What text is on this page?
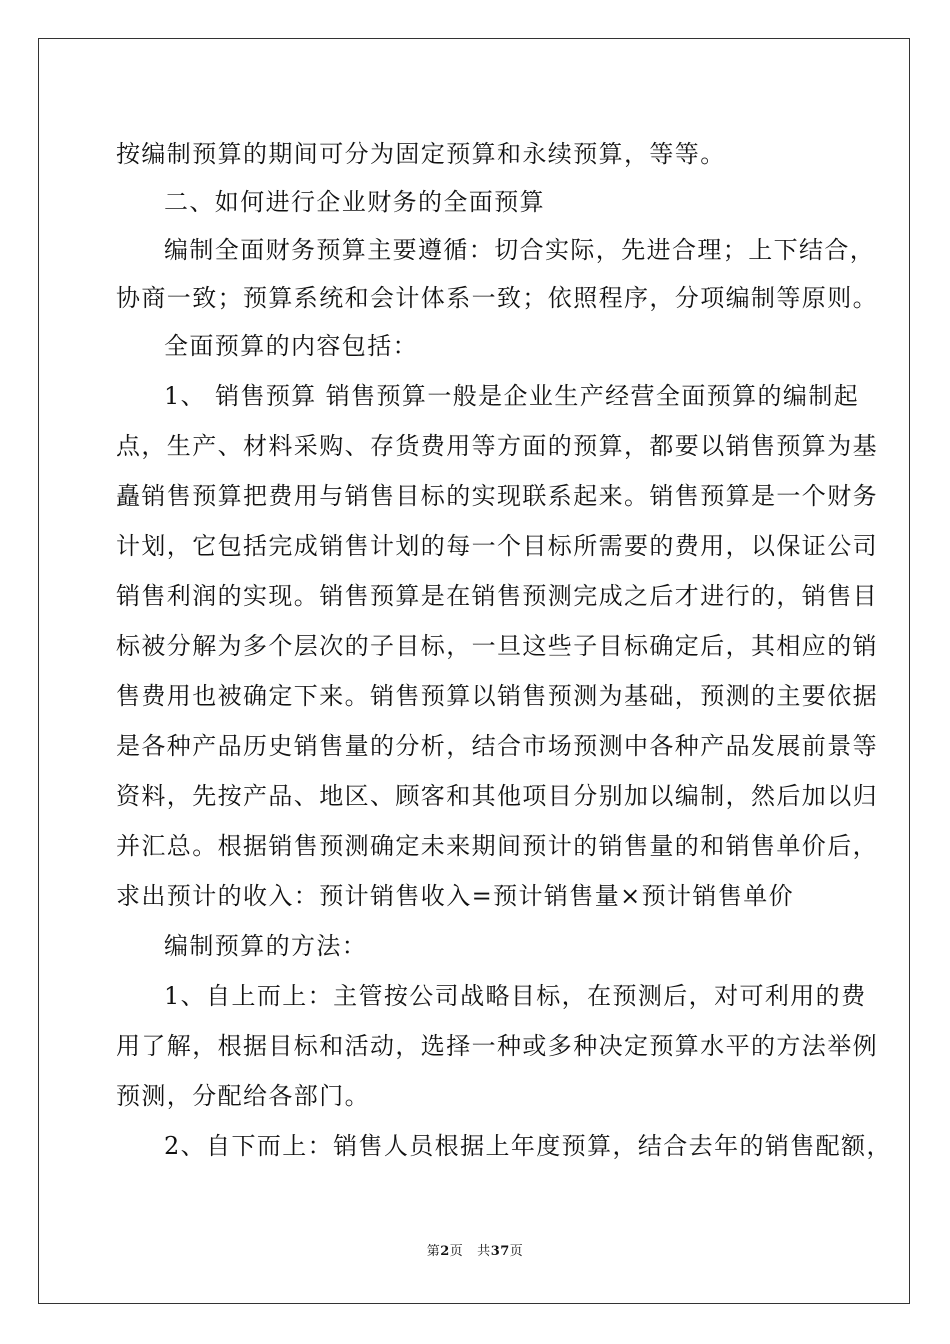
按编制预算的期间可分为固定预算和永续预算，等等。
二、如何进行企业财务的全面预算
编制全面财务预算主要遵循：切合实际，先进合理；上下结合，
协商一致；预算系统和会计体系一致；依照程序，分项编制等原则。
全面预算的内容包括：
1、 销售预算 销售预算一般是企业生产经营全面预算的编制起
点，生产、材料采购、存货费用等方面的预算，都要以销售预算为基
矗销售预算把费用与销售目标的实现联系起来。销售预算是一个财务
计划，它包括完成销售计划的每一个目标所需要的费用，以保证公司
销售利润的实现。销售预算是在销售预测完成之后才进行的，销售目
标被分解为多个层次的子目标，一旦这些子目标确定后，其相应的销
售费用也被确定下来。销售预算以销售预测为基础，预测的主要依据
是各种产品历史销售量的分析，结合市场预测中各种产品发展前景等
资料，先按产品、地区、顾客和其他项目分别加以编制，然后加以归
并汇总。根据销售预测确定未来期间预计的销售量的和销售单价后，
求出预计的收入：预计销售收入=预计销售量×预计销售单价
编制预算的方法：
1、自上而上：主管按公司战略目标，在预测后，对可利用的费
用了解，根据目标和活动，选择一种或多种决定预算水平的方法举例
预测，分配给各部门。
2、自下而上：销售人员根据上年度预算，结合去年的销售配额，
第2页 共37页
